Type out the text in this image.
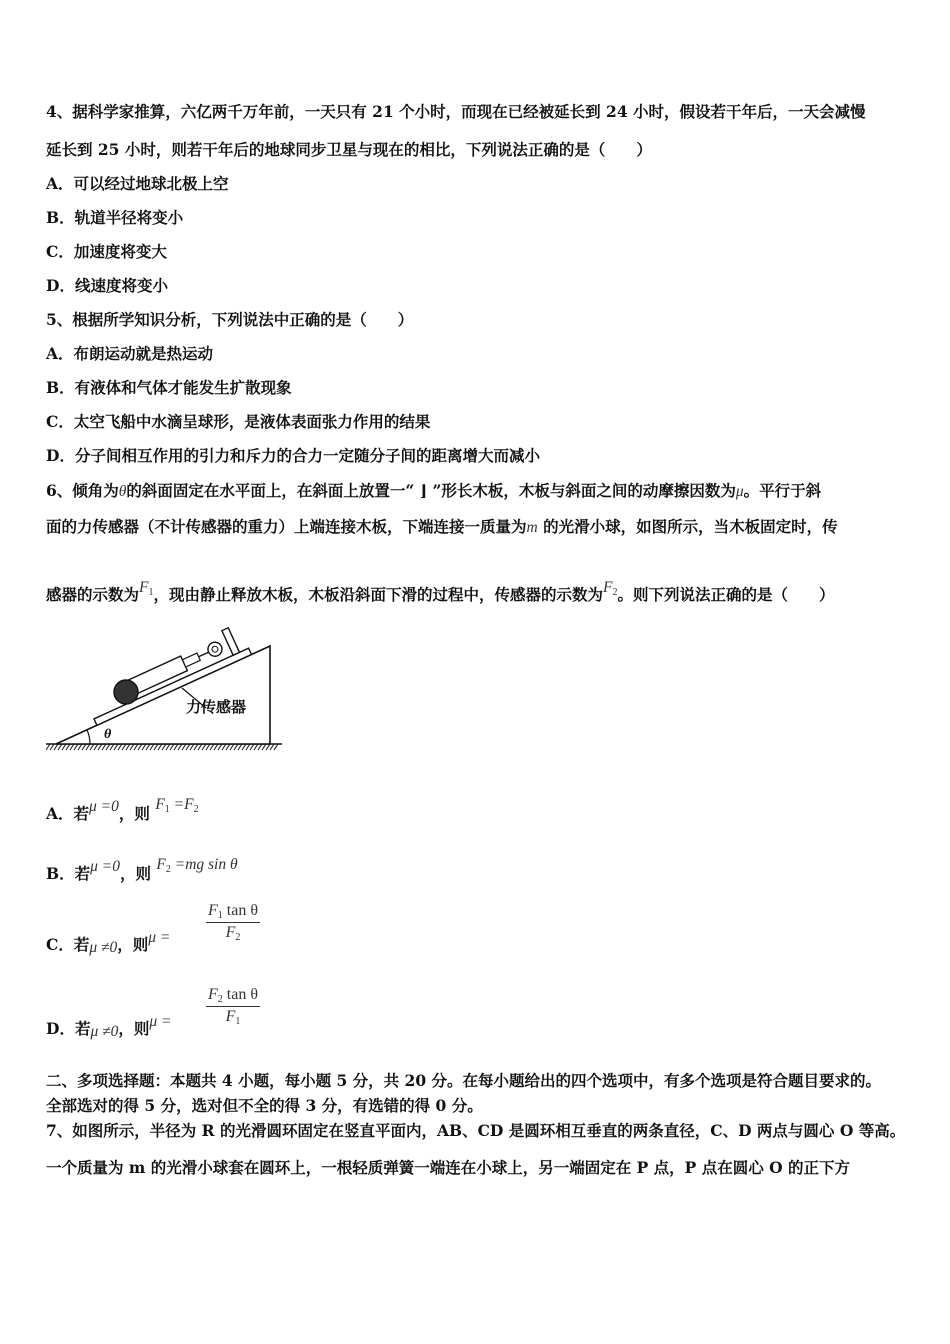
4、据科学家推算，六亿两千万年前，一天只有 21 个小时，而现在已经被延长到 24 小时，假设若干年后，一天会减慢
延长到 25 小时，则若干年后的地球同步卫星与现在的相比，下列说法正确的是（　　）
A．可以经过地球北极上空
B．轨道半径将变小
C．加速度将变大
D．线速度将变小
5、根据所学知识分析，下列说法中正确的是（　　）
A．布朗运动就是热运动
B．有液体和气体才能发生扩散现象
C．太空飞船中水滴呈球形，是液体表面张力作用的结果
D．分子间相互作用的引力和斥力的合力一定随分子间的距离增大而减小
6、倾角为θ的斜面固定在水平面上，在斜面上放置一“ ⌋ ”形长木板，木板与斜面之间的动摩擦因数为μ。平行于斜
面的力传感器（不计传感器的重力）上端连接木板，下端连接一质量为m 的光滑小球，如图所示，当木板固定时，传
感器的示数为$F_1$，现由静止释放木板，木板沿斜面下滑的过程中，传感器的示数为$F_2$。则下列说法正确的是（　　）
力传感器
θ
A．若μ =0，则 $F_1 =F_2$
B．若μ =0，则 $F_2 =mg$ sin θ
C．若μ ≠0，则$\mu = \frac{F_1 \tan \theta}{F_2}$
D．若μ ≠0，则$\mu = \frac{F_2 \tan \theta}{F_1}$
二、多项选择题：本题共 4 小题，每小题 5 分，共 20 分。在每小题给出的四个选项中，有多个选项是符合题目要求的。
全部选对的得 5 分，选对但不全的得 3 分，有选错的得 0 分。
7、如图所示，半径为 R 的光滑圆环固定在竖直平面内，AB、CD 是圆环相互垂直的两条直径，C、D 两点与圆心 O 等高。
一个质量为 m 的光滑小球套在圆环上，一根轻质弹簧一端连在小球上，另一端固定在 P 点，P 点在圆心 O 的正下方
